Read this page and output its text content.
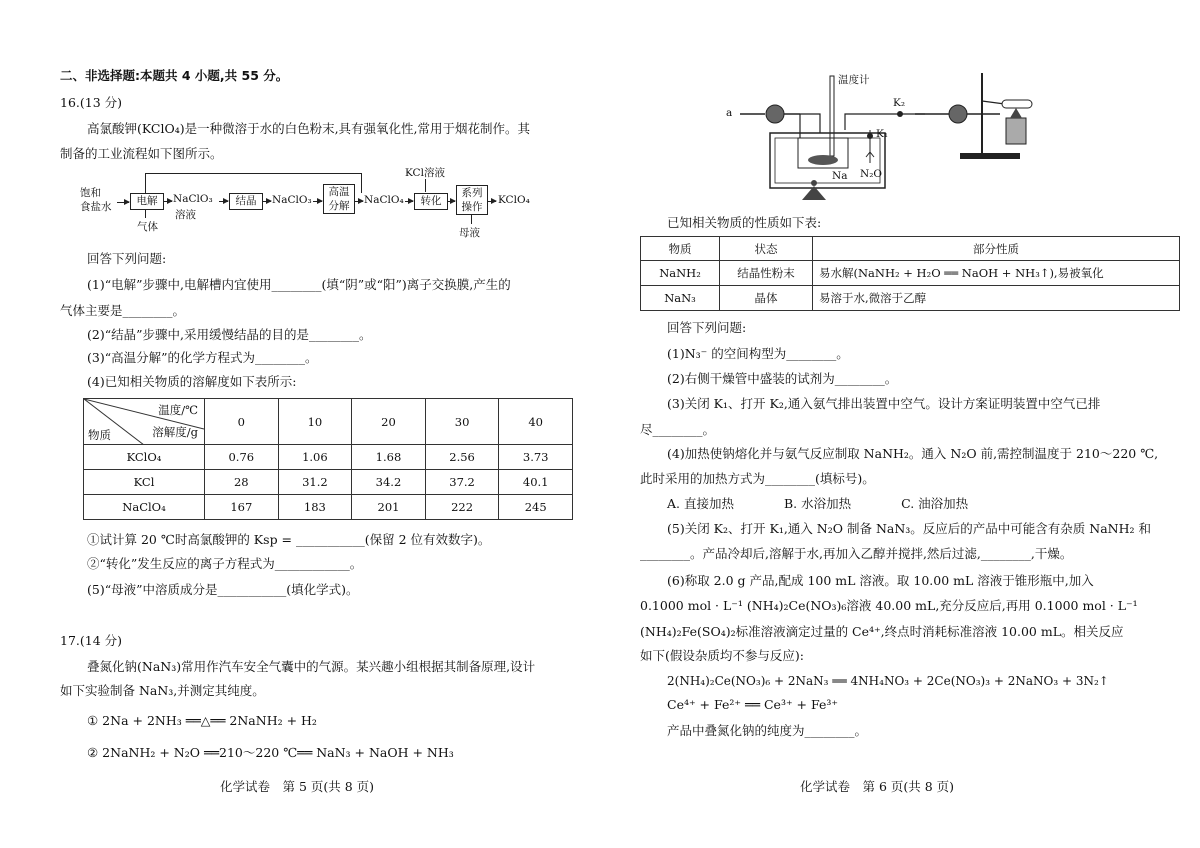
二、非选择题:本题共 4 小题,共 55 分。
16.(13 分)
高氯酸钾(KClO₄)是一种微溶于水的白色粉末,具有强氧化性,常用于烟花制作。其
制备的工业流程如下图所示。
饱和
食盐水	电解
气体
NaClO₃
溶液
结晶	NaClO₃
高温
分解	NaClO₄
KCl溶液
转化
系列
操作
母液
KClO₄
回答下列问题:
(1)“电解”步骤中,电解槽内宜使用________(填“阴”或“阳”)离子交换膜,产生的
气体主要是________。
(2)“结晶”步骤中,采用缓慢结晶的目的是________。
(3)“高温分解”的化学方程式为________。
(4)已知相关物质的溶解度如下表所示:
温度/℃
溶解度/g
物质	0	10	20	30	40
KClO₄	0.76	1.06	1.68	2.56	3.73
KCl	28	31.2	34.2	37.2	40.1
NaClO₄	167	183	201	222	245
①试计算 20 ℃时高氯酸钾的 Ksp = ___________(保留 2 位有效数字)。
②“转化”发生反应的离子方程式为____________。
(5)“母液”中溶质成分是___________(填化学式)。
17.(14 分)
叠氮化钠(NaN₃)常用作汽车安全气囊中的气源。某兴趣小组根据其制备原理,设计
如下实验制备 NaN₃,并测定其纯度。
① 2Na + 2NH₃ ══△══ 2NaNH₂ + H₂
② 2NaNH₂ + N₂O ══210～220 ℃══ NaN₃ + NaOH + NH₃
化学试卷　第 5 页(共 8 页)
a
温度计
K₂
K₁
Na N₂O
已知相关物质的性质如下表:
物质	状态	部分性质
NaNH₂	结晶性粉末	易水解(NaNH₂ + H₂O ══ NaOH + NH₃↑),易被氧化
NaN₃	晶体	易溶于水,微溶于乙醇
回答下列问题:
(1)N₃⁻ 的空间构型为________。
(2)右侧干燥管中盛装的试剂为________。
(3)关闭 K₁、打开 K₂,通入氨气排出装置中空气。设计方案证明装置中空气已排
尽________。
(4)加热使钠熔化并与氨气反应制取 NaNH₂。通入 N₂O 前,需控制温度于 210～220 ℃,
此时采用的加热方式为________(填标号)。
A. 直接加热　　　　B. 水浴加热　　　　C. 油浴加热
(5)关闭 K₂、打开 K₁,通入 N₂O 制备 NaN₃。反应后的产品中可能含有杂质 NaNH₂ 和
________。产品冷却后,溶解于水,再加入乙醇并搅拌,然后过滤,________,干燥。
(6)称取 2.0 g 产品,配成 100 mL 溶液。取 10.00 mL 溶液于锥形瓶中,加入
0.1000 mol · L⁻¹ (NH₄)₂Ce(NO₃)₆溶液 40.00 mL,充分反应后,再用 0.1000 mol · L⁻¹
(NH₄)₂Fe(SO₄)₂标准溶液滴定过量的 Ce⁴⁺,终点时消耗标准溶液 10.00 mL。相关反应
如下(假设杂质均不参与反应):
2(NH₄)₂Ce(NO₃)₆ + 2NaN₃ ══ 4NH₄NO₃ + 2Ce(NO₃)₃ + 2NaNO₃ + 3N₂↑
Ce⁴⁺ + Fe²⁺ ══ Ce³⁺ + Fe³⁺
产品中叠氮化钠的纯度为________。
化学试卷　第 6 页(共 8 页)
